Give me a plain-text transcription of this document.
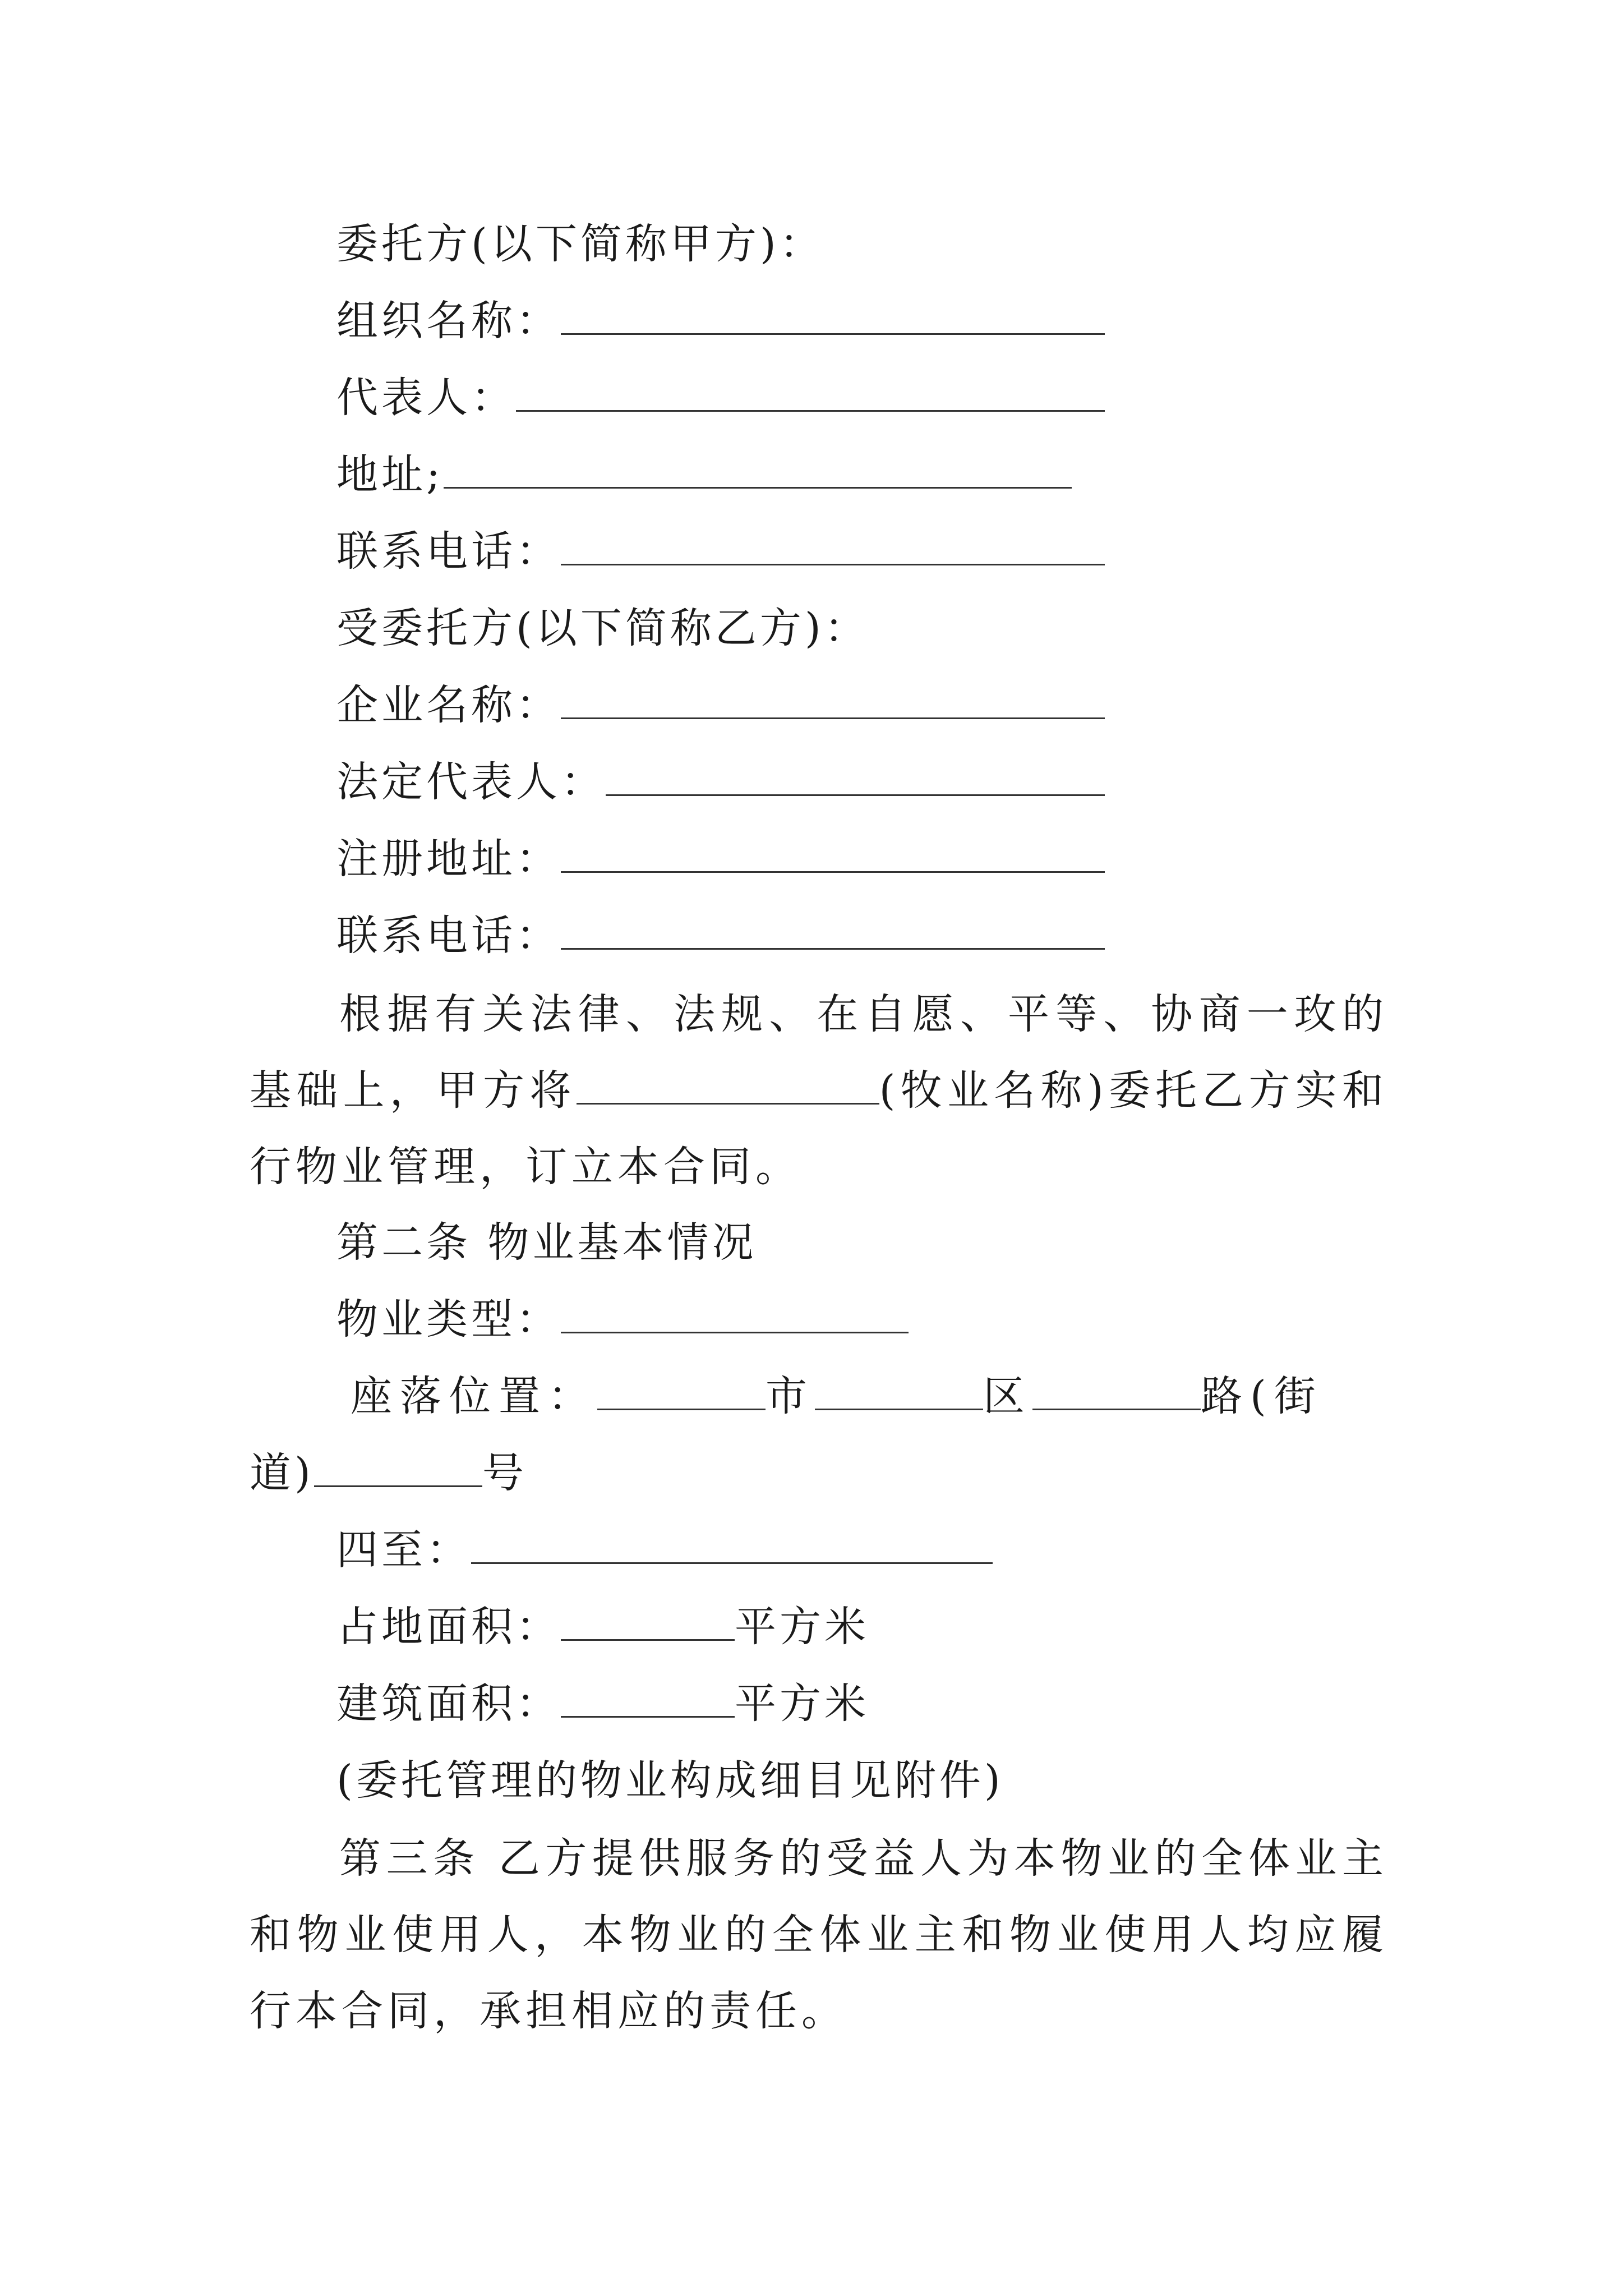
委托方(以下简称甲方)：
组织名称：
代表人：
地址;
联系电话：
受委托方(以下简称乙方)：
企业名称：
法定代表人：
注册地址：
联系电话：
根据有关法律、法规、在自愿、平等、协商一玫的基础上，甲方将	(牧业名称)委托乙方实和行物业管理，订立本合同。
第二条 物业基本情况
物业类型：
座落位置：	市	区	路(街
道)	号
四至：
占地面积：	平方米
建筑面积：	平方米
(委托管理的物业构成细目见附件)
第三条 乙方提供服务的受益人为本物业的全体业主和物业使用人，本物业的全体业主和物业使用人均应履行本合同，承担相应的责任。
